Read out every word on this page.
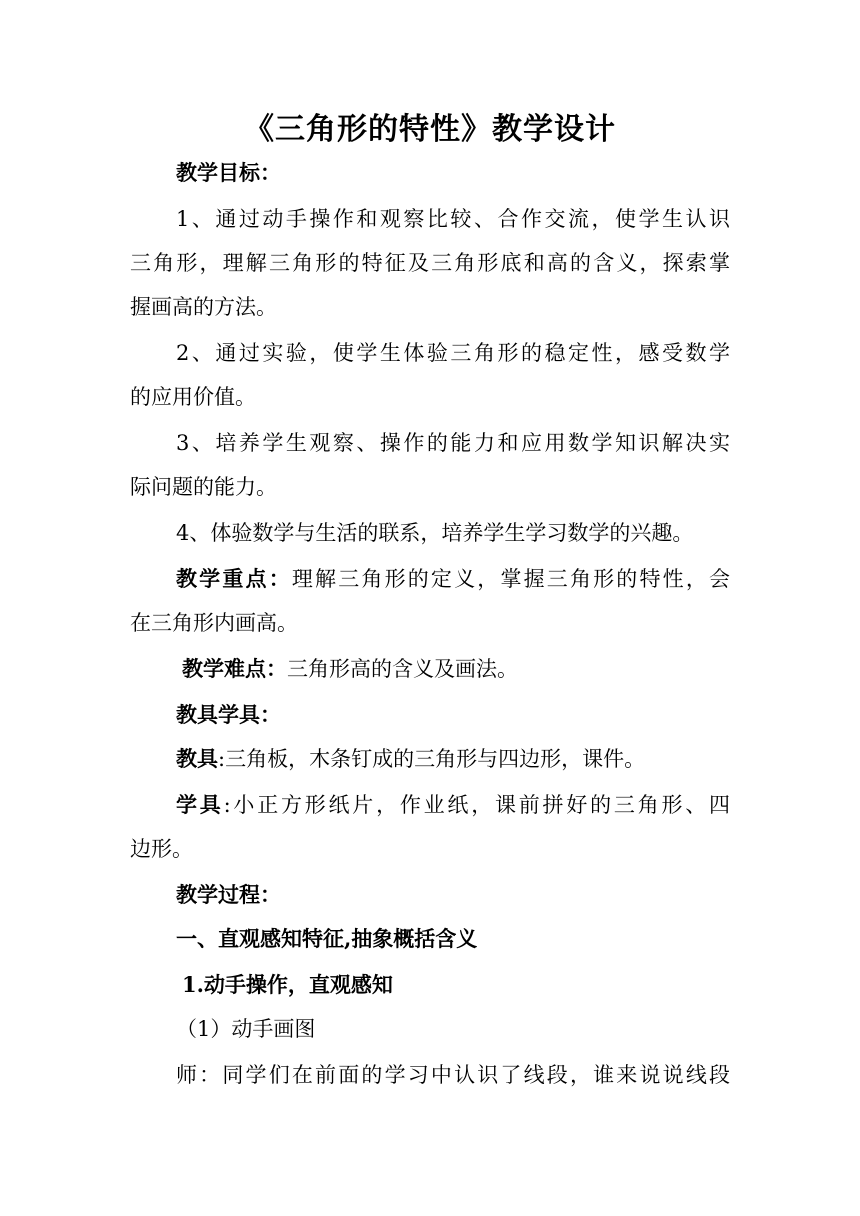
《三角形的特性》教学设计
教学目标：
1、通过动手操作和观察比较、合作交流，使学生认识
三角形，理解三角形的特征及三角形底和高的含义，探索掌
握画高的方法。
2、通过实验，使学生体验三角形的稳定性，感受数学
的应用价值。
3、培养学生观察、操作的能力和应用数学知识解决实
际问题的能力。
4、体验数学与生活的联系，培养学生学习数学的兴趣。
教学重点：理解三角形的定义，掌握三角形的特性，会
在三角形内画高。
教学难点：三角形高的含义及画法。
教具学具：
教具:三角板，木条钉成的三角形与四边形，课件。
学具:小正方形纸片，作业纸，课前拼好的三角形、四
边形。
教学过程：
一、直观感知特征,抽象概括含义
1.动手操作，直观感知
（1）动手画图
师：同学们在前面的学习中认识了线段，谁来说说线段
